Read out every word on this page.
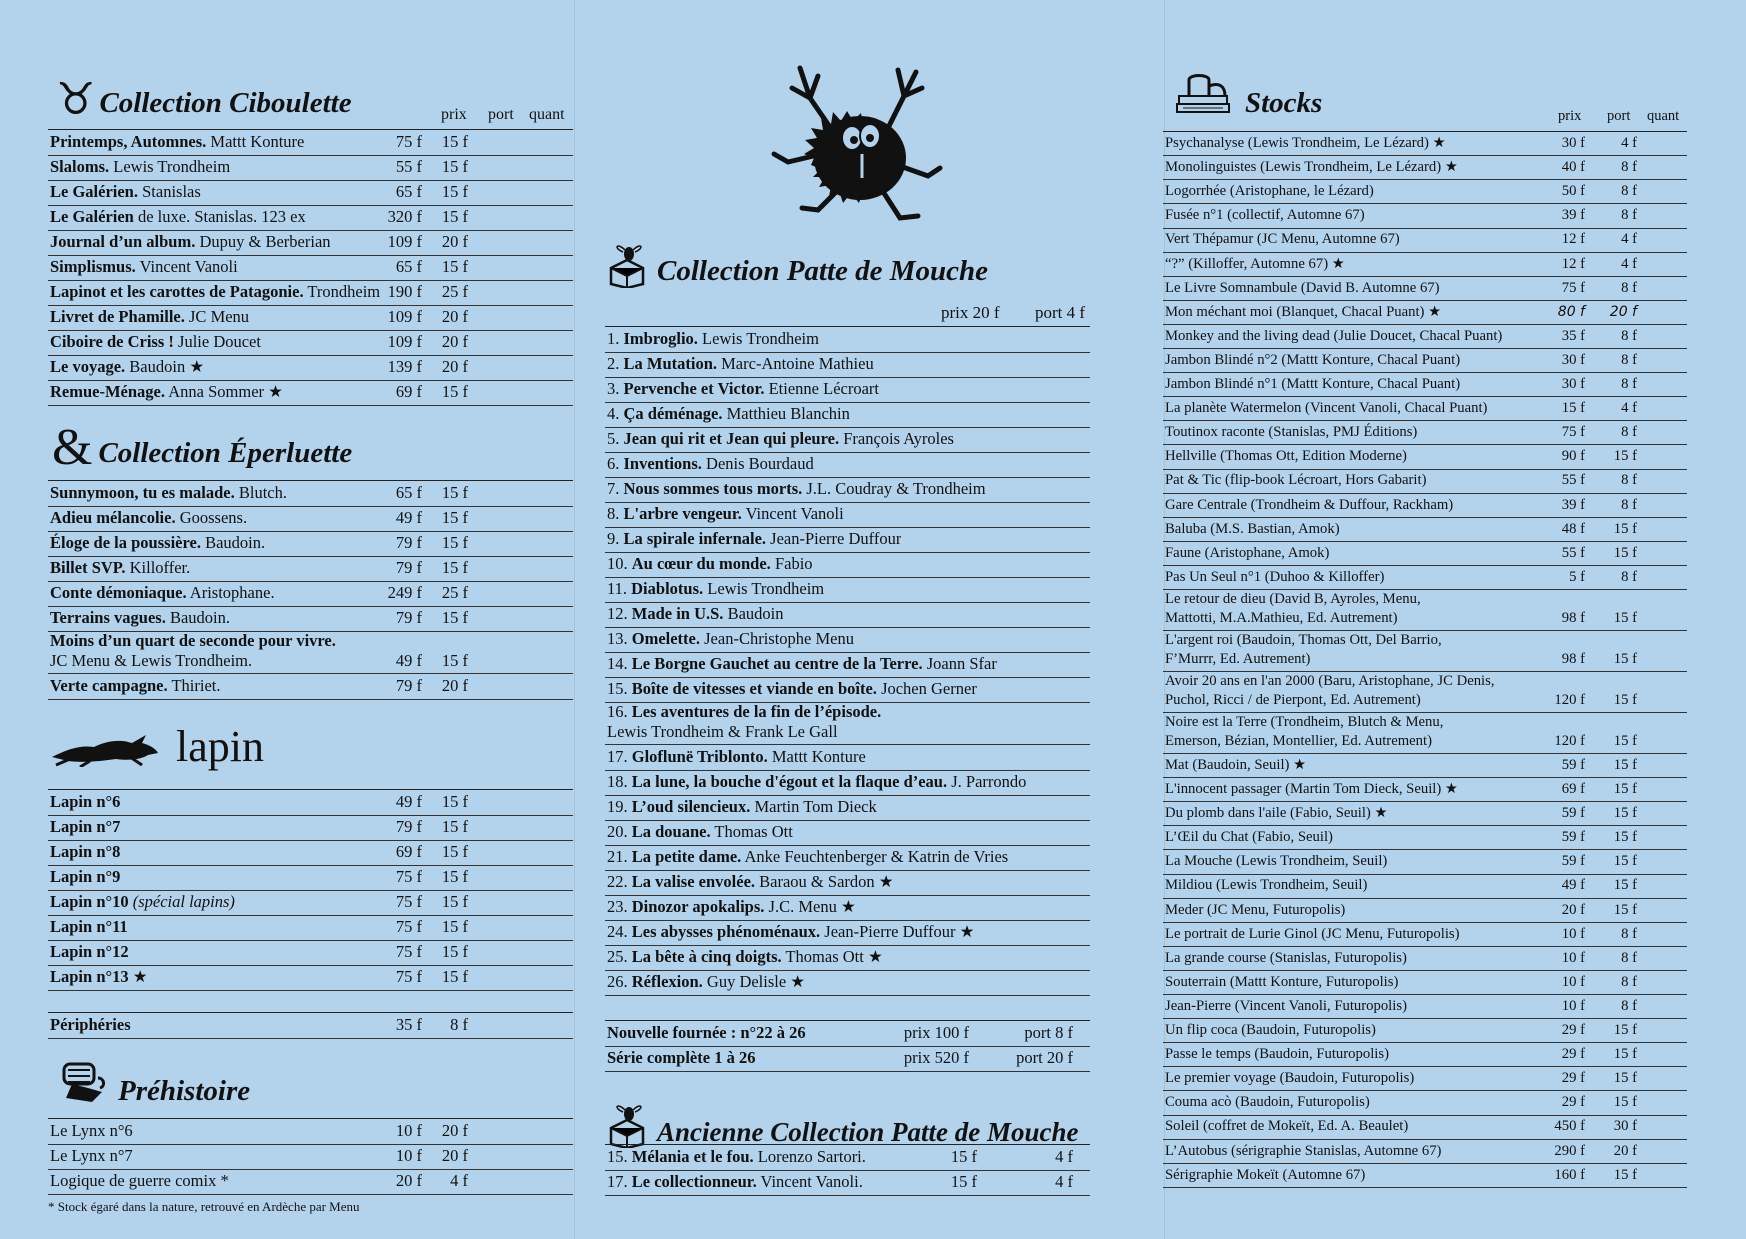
♉ Collection Ciboulette	prix port quant
Printemps, Automnes. Mattt Konture	75 f	15 f
Slaloms. Lewis Trondheim	55 f	15 f
Le Galérien. Stanislas	65 f	15 f
Le Galérien de luxe. Stanislas. 123 ex	320 f	15 f
Journal d’un album. Dupuy & Berberian	109 f	20 f
Simplismus. Vincent Vanoli	65 f	15 f
Lapinot et les carottes de Patagonie. Trondheim 190 f	25 f
Livret de Phamille. JC Menu	109 f	20 f
Ciboire de Criss ! Julie Doucet	109 f	20 f
Le voyage. Baudoin ★	139 f	20 f
Remue-Ménage. Anna Sommer ★	69 f	15 f
& Collection Éperluette
Sunnymoon, tu es malade. Blutch.	65 f	15 f
Adieu mélancolie. Goossens.	49 f	15 f
Éloge de la poussière. Baudoin.	79 f	15 f
Billet SVP. Killoffer.	79 f	15 f
Conte démoniaque. Aristophane.	249 f	25 f
Terrains vagues. Baudoin.	79 f	15 f
Moins d’un quart de seconde pour vivre.
JC Menu & Lewis Trondheim.	49 f	15 f
Verte campagne. Thiriet.	79 f	20 f
lapin
Lapin n°6	49 f	15 f
Lapin n°7	79 f	15 f
Lapin n°8	69 f	15 f
Lapin n°9	75 f	15 f
Lapin n°10 (spécial lapins)	75 f	15 f
Lapin n°11	75 f	15 f
Lapin n°12	75 f	15 f
Lapin n°13 ★	75 f	15 f
Périphéries	35 f	8 f
Préhistoire
Le Lynx n°6	10 f	20 f
Le Lynx n°7	10 f	20 f
Logique de guerre comix *	20 f	4 f
* Stock égaré dans la nature, retrouvé en Ardèche par Menu
Collection Patte de Mouche
prix 20 f port 4 f
1. Imbroglio. Lewis Trondheim
2. La Mutation. Marc-Antoine Mathieu
3. Pervenche et Victor. Etienne Lécroart
4. Ça déménage. Matthieu Blanchin
5. Jean qui rit et Jean qui pleure. François Ayroles
6. Inventions. Denis Bourdaud
7. Nous sommes tous morts. J.L. Coudray & Trondheim
8. L'arbre vengeur. Vincent Vanoli
9. La spirale infernale. Jean-Pierre Duffour
10. Au cœur du monde. Fabio
11. Diablotus. Lewis Trondheim
12. Made in U.S. Baudoin
13. Omelette. Jean-Christophe Menu
14. Le Borgne Gauchet au centre de la Terre. Joann Sfar
15. Boîte de vitesses et viande en boîte. Jochen Gerner
16. Les aventures de la fin de l’épisode.
Lewis Trondheim & Frank Le Gall
17. Gloflunë Triblonto. Mattt Konture
18. La lune, la bouche d'égout et la flaque d’eau. J. Parrondo
19. L’oud silencieux. Martin Tom Dieck
20. La douane. Thomas Ott
21. La petite dame. Anke Feuchtenberger & Katrin de Vries
22. La valise envolée. Baraou & Sardon ★
23. Dinozor apokalips. J.C. Menu ★
24. Les abysses phénoménaux. Jean-Pierre Duffour ★
25. La bête à cinq doigts. Thomas Ott ★
26. Réflexion. Guy Delisle ★
Nouvelle fournée : n°22 à 26	prix 100 f	port 8 f
Série complète 1 à 26	prix 520 f	port 20 f
Ancienne Collection Patte de Mouche
15. Mélania et le fou. Lorenzo Sartori.	15 f	4 f
17. Le collectionneur. Vincent Vanoli.	15 f	4 f
Stocks	prix port quant
Psychanalyse (Lewis Trondheim, Le Lézard) ★	30 f	4 f
Monolinguistes (Lewis Trondheim, Le Lézard) ★	40 f	8 f
Logorrhée (Aristophane, le Lézard)	50 f	8 f
Fusée n°1 (collectif, Automne 67)	39 f	8 f
Vert Thépamur (JC Menu, Automne 67)	12 f	4 f
“?” (Killoffer, Automne 67) ★	12 f	4 f
Le Livre Somnambule (David B. Automne 67)	75 f	8 f
Mon méchant moi (Blanquet, Chacal Puant) ★	80 f	20 f
Monkey and the living dead (Julie Doucet, Chacal Puant)	35 f	8 f
Jambon Blindé n°2 (Mattt Konture, Chacal Puant)	30 f	8 f
Jambon Blindé n°1 (Mattt Konture, Chacal Puant)	30 f	8 f
La planète Watermelon (Vincent Vanoli, Chacal Puant)	15 f	4 f
Toutinox raconte (Stanislas, PMJ Éditions)	75 f	8 f
Hellville (Thomas Ott, Edition Moderne)	90 f	15 f
Pat & Tic (flip-book Lécroart, Hors Gabarit)	55 f	8 f
Gare Centrale (Trondheim & Duffour, Rackham)	39 f	8 f
Baluba (M.S. Bastian, Amok)	48 f	15 f
Faune (Aristophane, Amok)	55 f	15 f
Pas Un Seul n°1 (Duhoo & Killoffer)	5 f	8 f
Le retour de dieu (David B, Ayroles, Menu,
Mattotti, M.A.Mathieu, Ed. Autrement)	98 f	15 f
L'argent roi (Baudoin, Thomas Ott, Del Barrio,
F’Murrr, Ed. Autrement)	98 f	15 f
Avoir 20 ans en l'an 2000 (Baru, Aristophane, JC Denis,
Puchol, Ricci / de Pierpont, Ed. Autrement)	120 f	15 f
Noire est la Terre (Trondheim, Blutch & Menu,
Emerson, Bézian, Montellier, Ed. Autrement)	120 f	15 f
Mat (Baudoin, Seuil) ★	59 f	15 f
L'innocent passager (Martin Tom Dieck, Seuil) ★	69 f	15 f
Du plomb dans l'aile (Fabio, Seuil) ★	59 f	15 f
L’Œil du Chat (Fabio, Seuil)	59 f	15 f
La Mouche (Lewis Trondheim, Seuil)	59 f	15 f
Mildiou (Lewis Trondheim, Seuil)	49 f	15 f
Meder (JC Menu, Futuropolis)	20 f	15 f
Le portrait de Lurie Ginol (JC Menu, Futuropolis)	10 f	8 f
La grande course (Stanislas, Futuropolis)	10 f	8 f
Souterrain (Mattt Konture, Futuropolis)	10 f	8 f
Jean-Pierre (Vincent Vanoli, Futuropolis)	10 f	8 f
Un flip coca (Baudoin, Futuropolis)	29 f	15 f
Passe le temps (Baudoin, Futuropolis)	29 f	15 f
Le premier voyage (Baudoin, Futuropolis)	29 f	15 f
Couma acò (Baudoin, Futuropolis)	29 f	15 f
Soleil (coffret de Mokeït, Ed. A. Beaulet)	450 f	30 f
L’Autobus (sérigraphie Stanislas, Automne 67)	290 f	20 f
Sérigraphie Mokeït (Automne 67)	160 f	15 f
